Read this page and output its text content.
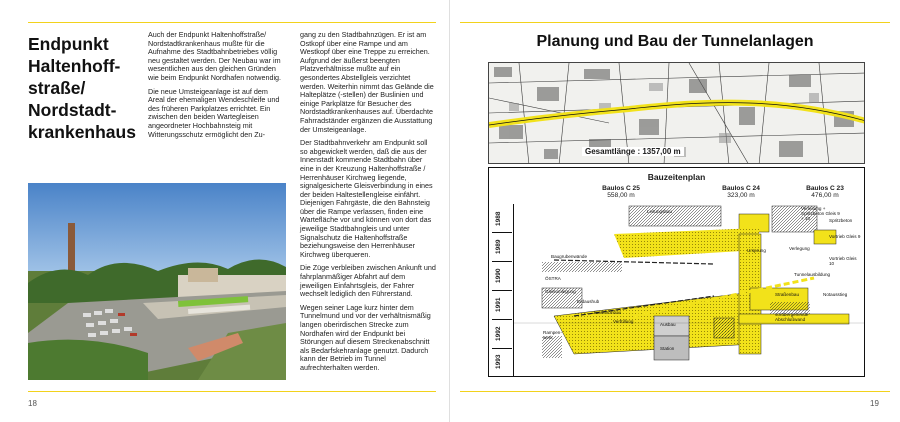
Endpunkt
Haltenhoff-
straße/
Nordstadt-
krankenhaus

Auch der Endpunkt Haltenhoffstraße/ Nordstadtkrankenhaus mußte für die Aufnahme des Stadtbahnbetriebes völlig neu gestaltet werden. Der Neubau war im wesentlichen aus den gleichen Gründen wie beim Endpunkt Nordhafen notwendig.

Die neue Umsteigeanlage ist auf dem Areal der ehemaligen Wendeschleife und des früheren Parkplatzes errichtet. Ein zwischen den beiden Wartegleisen angeordneter Hochbahnsteig mit Witterungsschutz ermöglicht den Zu-

gang zu den Stadtbahnzügen. Er ist am Ostkopf über eine Rampe und am Westkopf über eine Treppe zu erreichen. Aufgrund der äußerst beengten Platzverhältnisse mußte auf ein gesondertes Abstellgleis verzichtet werden. Weiterhin nimmt das Gelände die Halteplätze (-stellen) der Buslinien und einige Parkplätze für Besucher des Nordstadtkrankenhauses auf. Überdachte Fahrradständer ergänzen die Ausstattung der Umsteigeanlage.

Der Stadtbahnverkehr am Endpunkt soll so abgewickelt werden, daß die aus der Innenstadt kommende Stadtbahn über eine in der Kreuzung Haltenhoffstraße / Herrenhäuser Kirchweg liegende, signalgesicherte Gleisverbindung in eines der beiden Haltestellengleise einfährt. Diejenigen Fahrgäste, die den Bahnsteig über die Rampe verlassen, finden eine Wartefläche vor und können von dort das jeweilige Stadtbahngleis und unter Signalschutz die Haltenhoffstraße beziehungsweise den Herrenhäuser Kirchweg überqueren.

Die Züge verbleiben zwischen Ankunft und fahrplanmäßiger Abfahrt auf dem jeweiligen Einfahrtsgleis, der Fahrer wechselt lediglich den Führerstand.

Wegen seiner Lage kurz hinter dem Tunnelmund und vor der verhältnismäßig langen oberirdischen Strecke zum Nordhafen wird der Endpunkt bei Störungen auf diesem Streckenabschnitt als Bedarfskehranlage genutzt. Dadurch kann der Betrieb im Tunnel aufrechterhalten werden.

18
Planung und Bau der Tunnelanlagen
Gesamtlänge : 1357,00 m
Bauzeitenplan
Baulos C 25
558,00 m
Baulos C 24
323,00 m
Baulos C 23
476,00 m
1988
1989
1990
1991
1992
1993
Leitungsbau
Verleitung + Spritzbeton Gleis 9 + 10	Spritzbeton
Baugrubenwände
Verlegung
Vortrieb Gleis 9
Vortrieb Gleis 10
ÖSTRA
Gleisumlegung
Erdaushub
Tunnelrohbau
Verfüllung
Tunnelausbildung
Straßenbau	Notausstieg
vorübergehende Abschlußwand
Ausbau
Station
Rampen-werk
Ursprung
19
